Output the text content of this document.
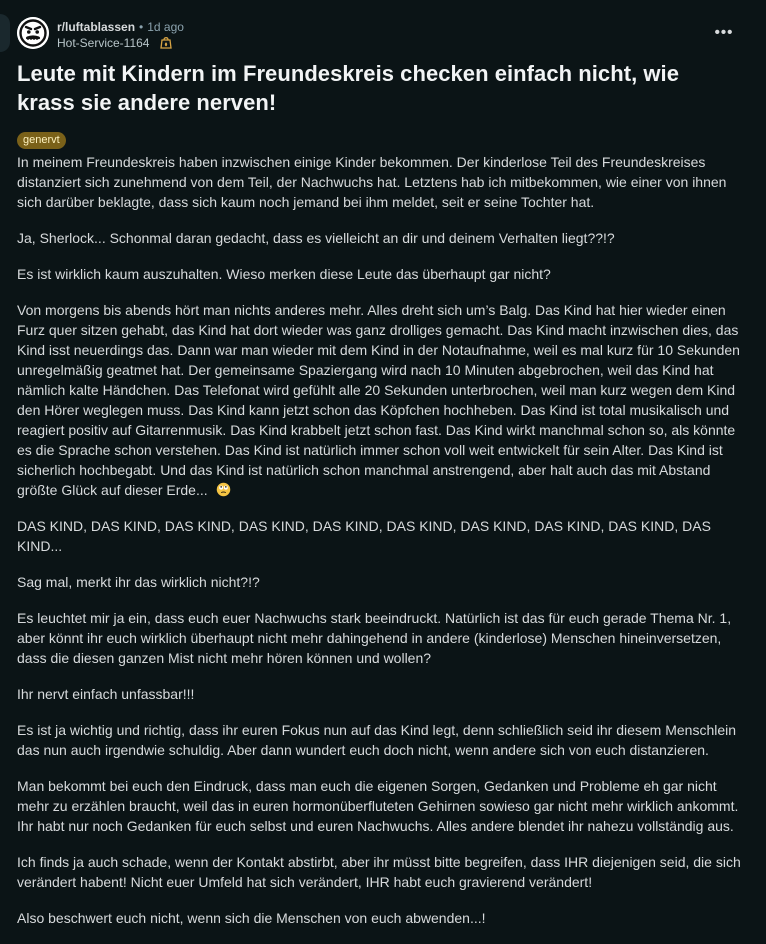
r/luftablassen • 1d ago
Hot-Service-1164
•••
Leute mit Kindern im Freundeskreis checken einfach nicht, wie krass sie andere nerven!
genervt

In meinem Freundeskreis haben inzwischen einige Kinder bekommen. Der kinderlose Teil des Freundeskreises distanziert sich zunehmend von dem Teil, der Nachwuchs hat. Letztens hab ich mitbekommen, wie einer von ihnen sich darüber beklagte, dass sich kaum noch jemand bei ihm meldet, seit er seine Tochter hat.

Ja, Sherlock... Schonmal daran gedacht, dass es vielleicht an dir und deinem Verhalten liegt??!?

Es ist wirklich kaum auszuhalten. Wieso merken diese Leute das überhaupt gar nicht?

Von morgens bis abends hört man nichts anderes mehr. Alles dreht sich um’s Balg. Das Kind hat hier wieder einen Furz quer sitzen gehabt, das Kind hat dort wieder was ganz drolliges gemacht. Das Kind macht inzwischen dies, das Kind isst neuerdings das. Dann war man wieder mit dem Kind in der Notaufnahme, weil es mal kurz für 10 Sekunden unregelmäßig geatmet hat. Der gemeinsame Spaziergang wird nach 10 Minuten abgebrochen, weil das Kind hat nämlich kalte Händchen. Das Telefonat wird gefühlt alle 20 Sekunden unterbrochen, weil man kurz wegen dem Kind den Hörer weglegen muss. Das Kind kann jetzt schon das Köpfchen hochheben. Das Kind ist total musikalisch und reagiert positiv auf Gitarrenmusik. Das Kind krabbelt jetzt schon fast. Das Kind wirkt manchmal schon so, als könnte es die Sprache schon verstehen. Das Kind ist natürlich immer schon voll weit entwickelt für sein Alter. Das Kind ist sicherlich hochbegabt. Und das Kind ist natürlich schon manchmal anstrengend, aber halt auch das mit Abstand größte Glück auf dieser Erde...

DAS KIND, DAS KIND, DAS KIND, DAS KIND, DAS KIND, DAS KIND, DAS KIND, DAS KIND, DAS KIND, DAS KIND...

Sag mal, merkt ihr das wirklich nicht?!?

Es leuchtet mir ja ein, dass euch euer Nachwuchs stark beeindruckt. Natürlich ist das für euch gerade Thema Nr. 1, aber könnt ihr euch wirklich überhaupt nicht mehr dahingehend in andere (kinderlose) Menschen hineinversetzen, dass die diesen ganzen Mist nicht mehr hören können und wollen?

Ihr nervt einfach unfassbar!!!

Es ist ja wichtig und richtig, dass ihr euren Fokus nun auf das Kind legt, denn schließlich seid ihr diesem Menschlein das nun auch irgendwie schuldig. Aber dann wundert euch doch nicht, wenn andere sich von euch distanzieren.

Man bekommt bei euch den Eindruck, dass man euch die eigenen Sorgen, Gedanken und Probleme eh gar nicht mehr zu erzählen braucht, weil das in euren hormonüberfluteten Gehirnen sowieso gar nicht mehr wirklich ankommt. Ihr habt nur noch Gedanken für euch selbst und euren Nachwuchs. Alles andere blendet ihr nahezu vollständig aus.

Ich finds ja auch schade, wenn der Kontakt abstirbt, aber ihr müsst bitte begreifen, dass IHR diejenigen seid, die sich verändert habent! Nicht euer Umfeld hat sich verändert, IHR habt euch gravierend verändert!

Also beschwert euch nicht, wenn sich die Menschen von euch abwenden...!
